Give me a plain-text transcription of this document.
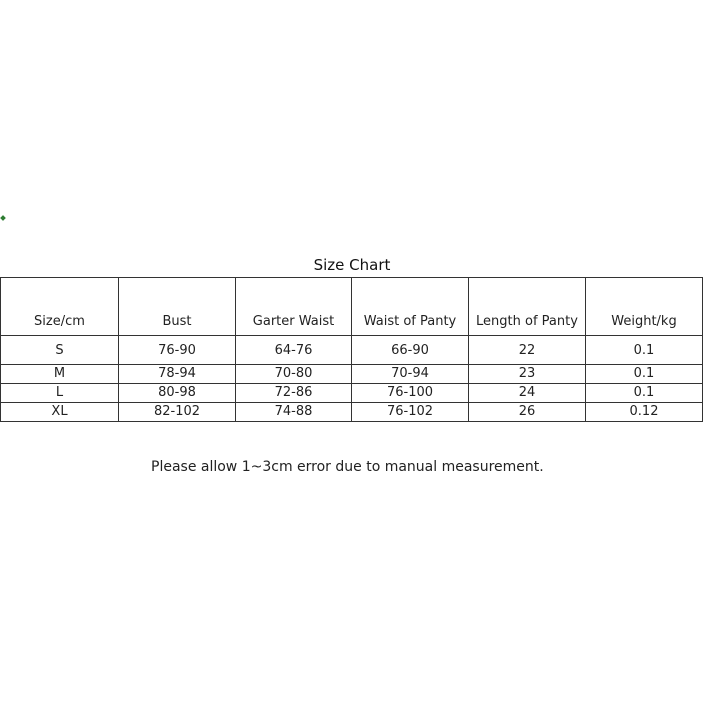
Size Chart
Size/cm	Bust	Garter Waist	Waist of Panty	Length of Panty	Weight/kg
S	76-90	64-76	66-90	22	0.1
M	78-94	70-80	70-94	23	0.1
L	80-98	72-86	76-100	24	0.1
XL	82-102	74-88	76-102	26	0.12
Please allow 1~3cm error due to manual measurement.
